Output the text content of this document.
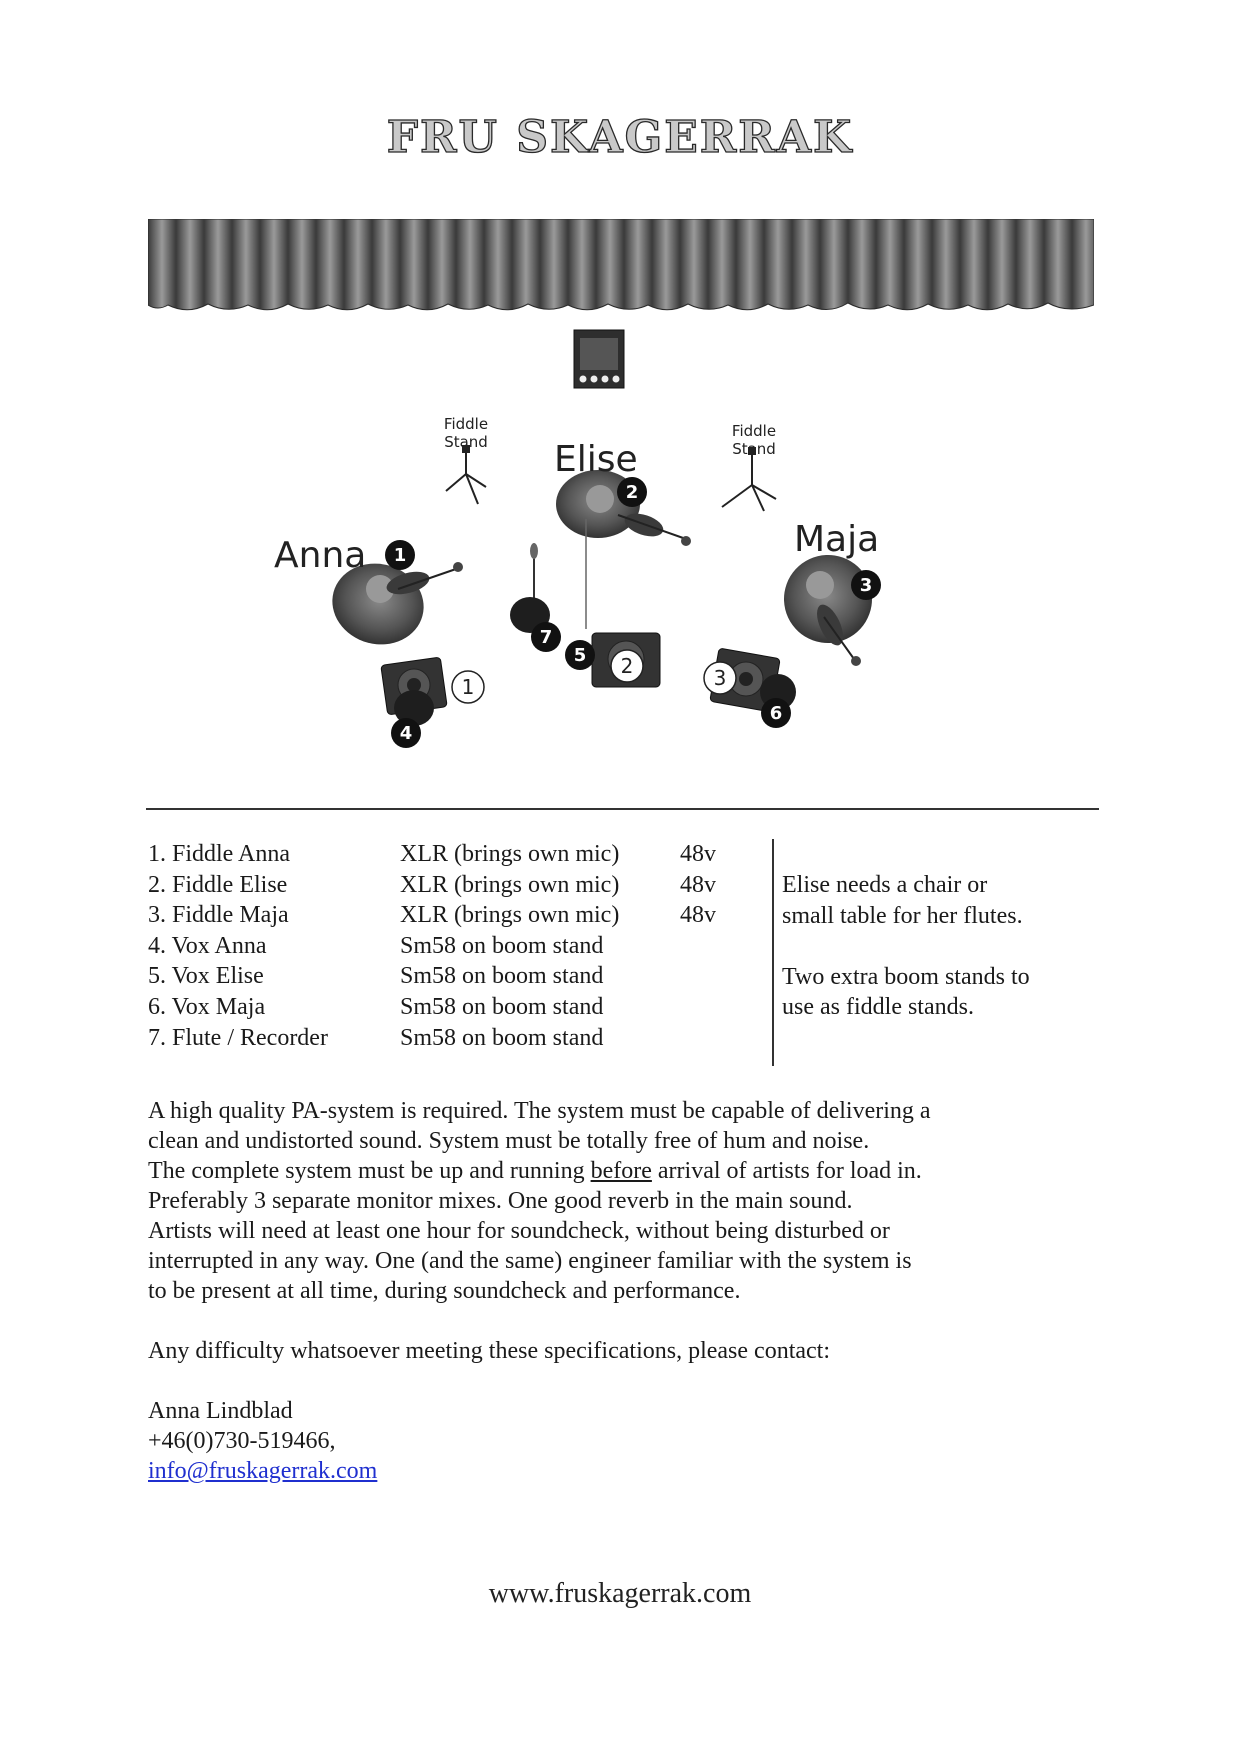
FRU SKAGERRAK
1
2
3
4
5
6
7
1
2	3
Fiddle
Stand
Fiddle
Stand
Elise
Anna	Maja
1. Fiddle Anna	XLR (brings own mic)	48v
2. Fiddle Elise	XLR (brings own mic)	48v
3. Fiddle Maja	XLR (brings own mic)	48v
4. Vox Anna	Sm58 on boom stand
5. Vox Elise	Sm58 on boom stand
6. Vox Maja	Sm58 on boom stand
7. Flute / Recorder	Sm58 on boom stand
Elise needs a chair or
small table for her flutes.
Two extra boom stands to
use as fiddle stands.
A high quality PA-system is required. The system must be capable of delivering a
clean and undistorted sound. System must be totally free of hum and noise.
The complete system must be up and running before arrival of artists for load in.
Preferably 3 separate monitor mixes. One good reverb in the main sound.
Artists will need at least one hour for soundcheck, without being disturbed or
interrupted in any way. One (and the same) engineer familiar with the system is
to be present at all time, during soundcheck and performance.
Any difficulty whatsoever meeting these specifications, please contact:
Anna Lindblad
+46(0)730-519466,
info@fruskagerrak.com
www.fruskagerrak.com
